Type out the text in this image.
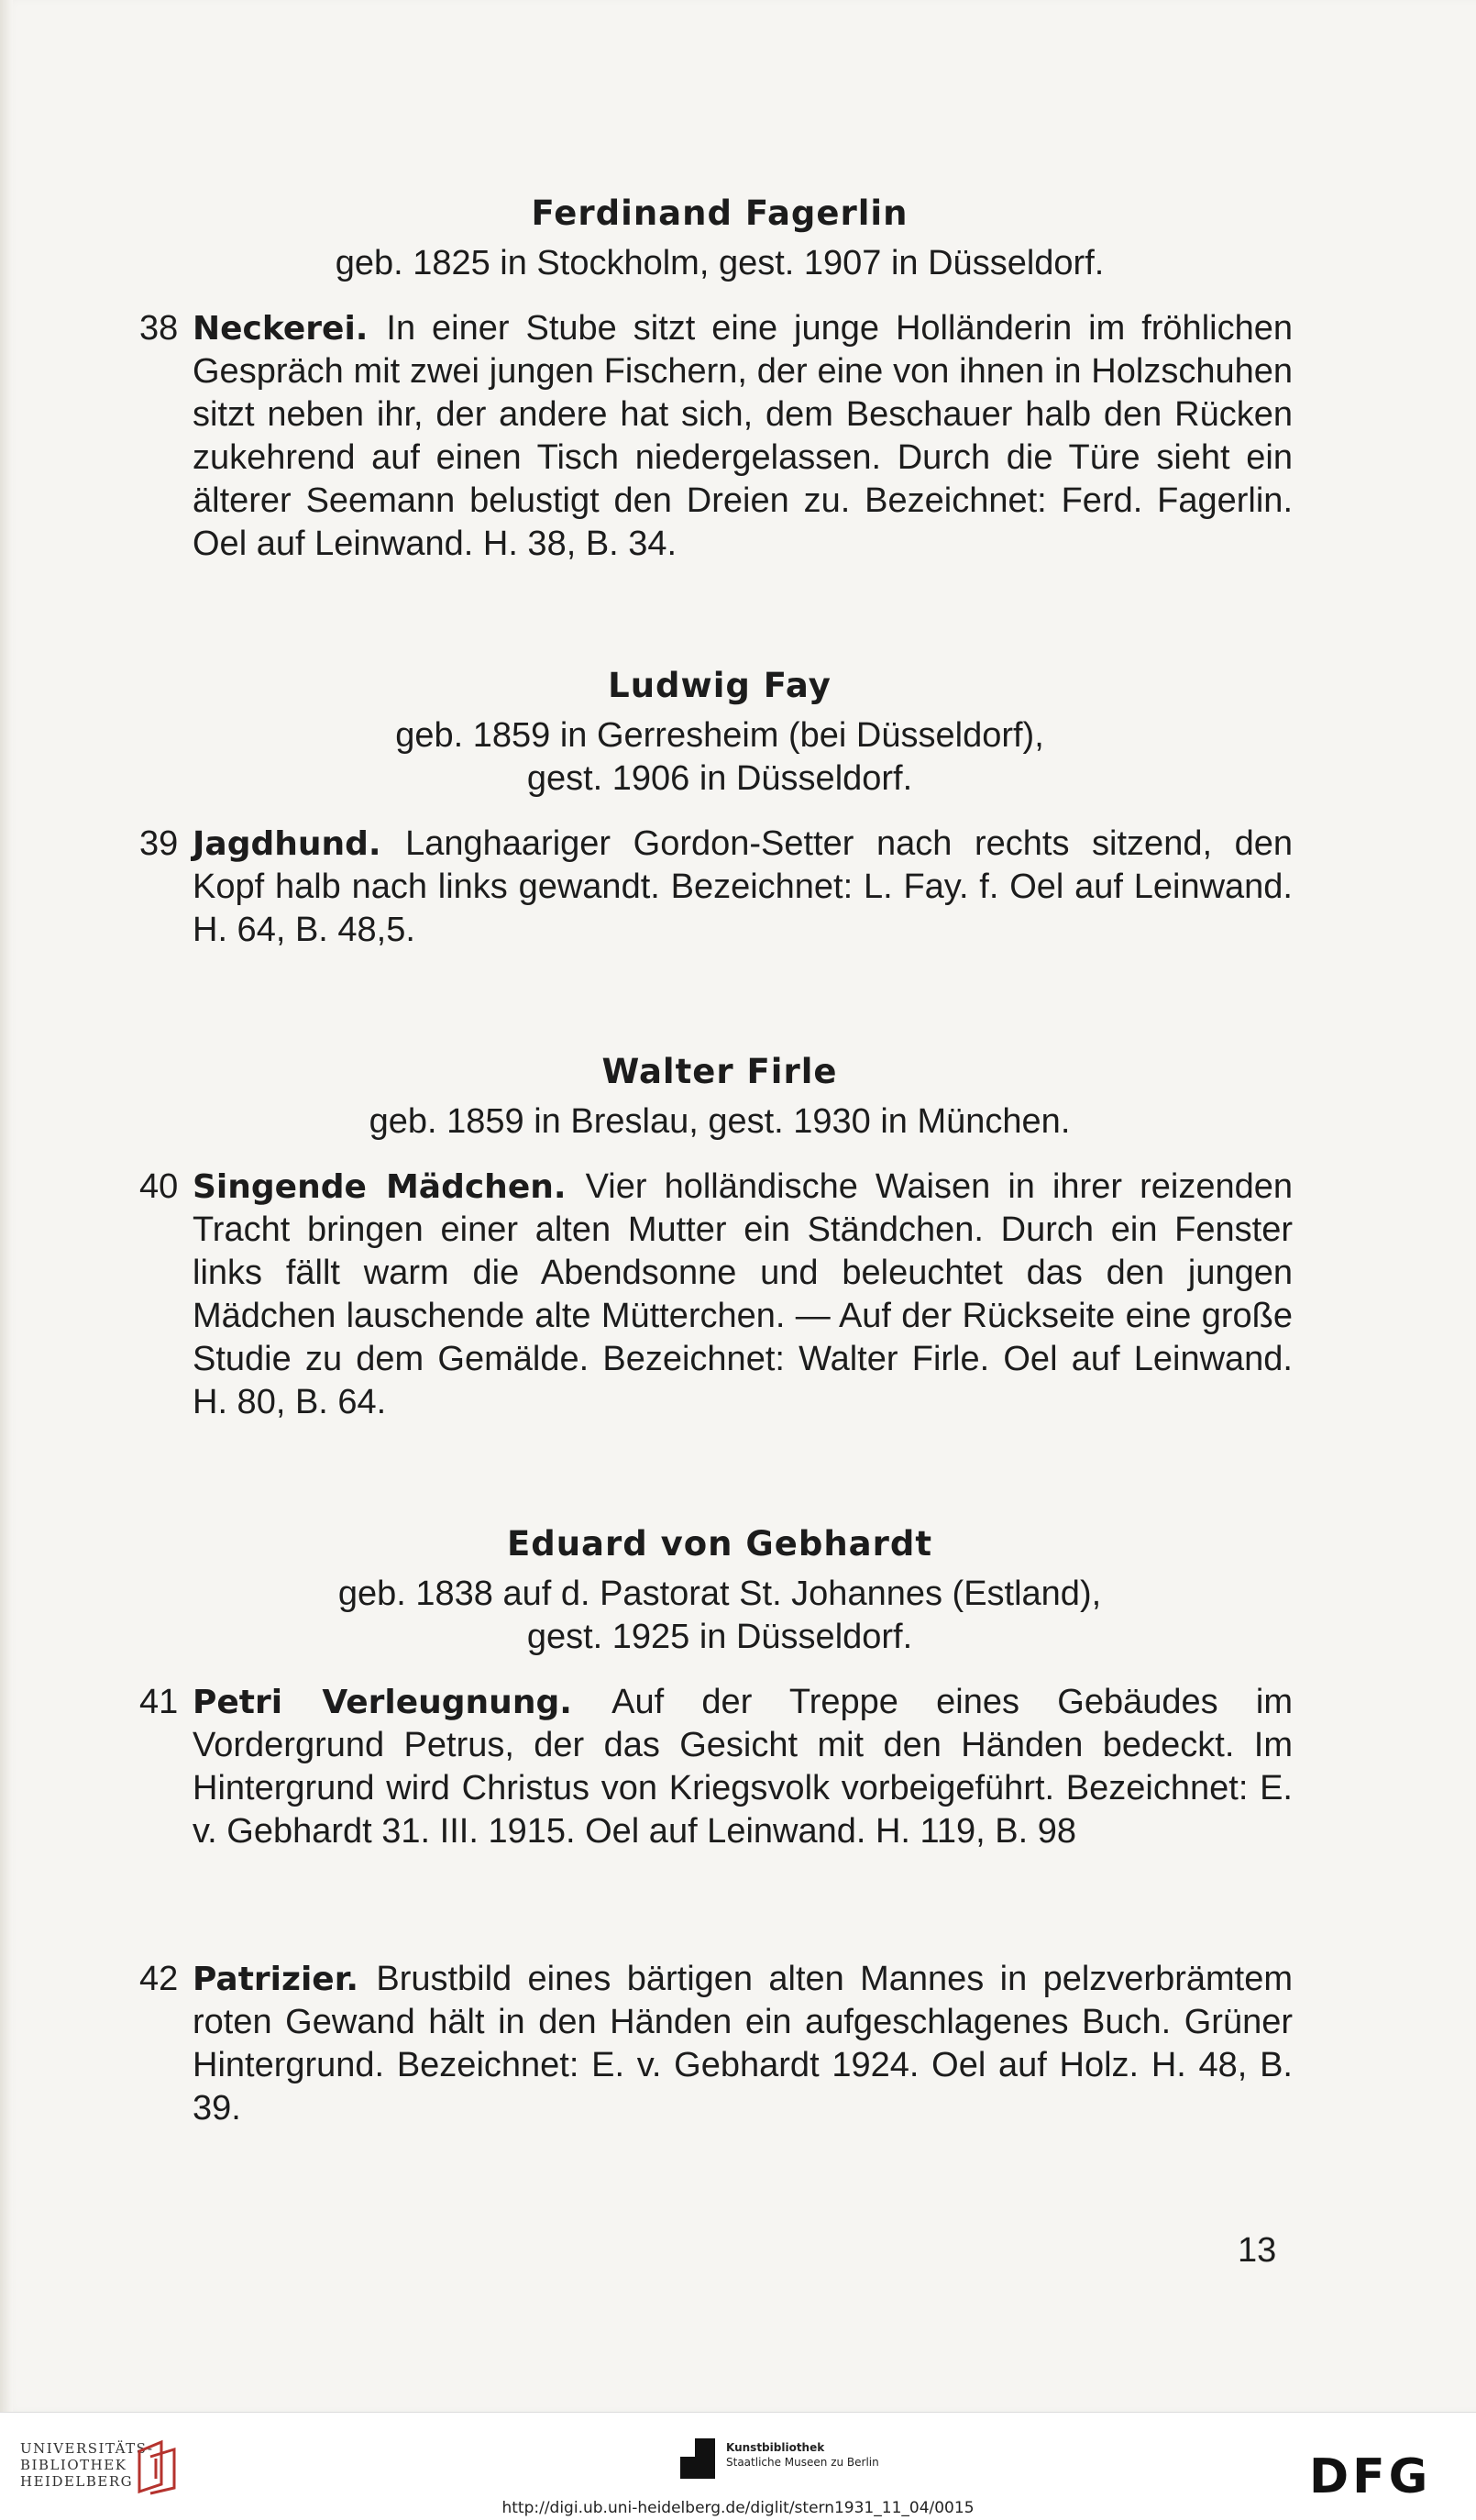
Ferdinand Fagerlin
geb. 1825 in Stockholm, gest. 1907 in Düsseldorf.
38 Neckerei. In einer Stube sitzt eine junge Holländerin im fröhlichen Gespräch mit zwei jungen Fischern, der eine von ihnen in Holzschuhen sitzt neben ihr, der andere hat sich, dem Beschauer halb den Rücken zukehrend auf einen Tisch niedergelassen. Durch die Türe sieht ein älterer Seemann belustigt den Dreien zu. Bezeichnet: Ferd. Fagerlin. Oel auf Leinwand. H. 38, B. 34.
Ludwig Fay
geb. 1859 in Gerresheim (bei Düsseldorf),
gest. 1906 in Düsseldorf.
39 Jagdhund. Langhaariger Gordon-Setter nach rechts sitzend, den Kopf halb nach links gewandt. Bezeichnet: L. Fay. f. Oel auf Leinwand. H. 64, B. 48,5.
Walter Firle
geb. 1859 in Breslau, gest. 1930 in München.
40 Singende Mädchen. Vier holländische Waisen in ihrer reizenden Tracht bringen einer alten Mutter ein Ständchen. Durch ein Fenster links fällt warm die Abendsonne und beleuchtet das den jungen Mädchen lauschende alte Mütterchen. — Auf der Rückseite eine große Studie zu dem Gemälde. Bezeichnet: Walter Firle. Oel auf Leinwand. H. 80, B. 64.
Eduard von Gebhardt
geb. 1838 auf d. Pastorat St. Johannes (Estland),
gest. 1925 in Düsseldorf.
41 Petri Verleugnung. Auf der Treppe eines Gebäudes im Vordergrund Petrus, der das Gesicht mit den Händen bedeckt. Im Hintergrund wird Christus von Kriegsvolk vorbeigeführt. Bezeichnet: E. v. Gebhardt 31. III. 1915. Oel auf Leinwand. H. 119, B. 98
42 Patrizier. Brustbild eines bärtigen alten Mannes in pelzverbrämtem roten Gewand hält in den Händen ein aufgeschlagenes Buch. Grüner Hintergrund. Bezeichnet: E. v. Gebhardt 1924. Oel auf Holz. H. 48, B. 39.
13
UNIVERSITÄTS-
BIBLIOTHEK
HEIDELBERG
Kunstbibliothek
Staatliche Museen zu Berlin	DFG
http://digi.ub.uni-heidelberg.de/diglit/stern1931_11_04/0015
